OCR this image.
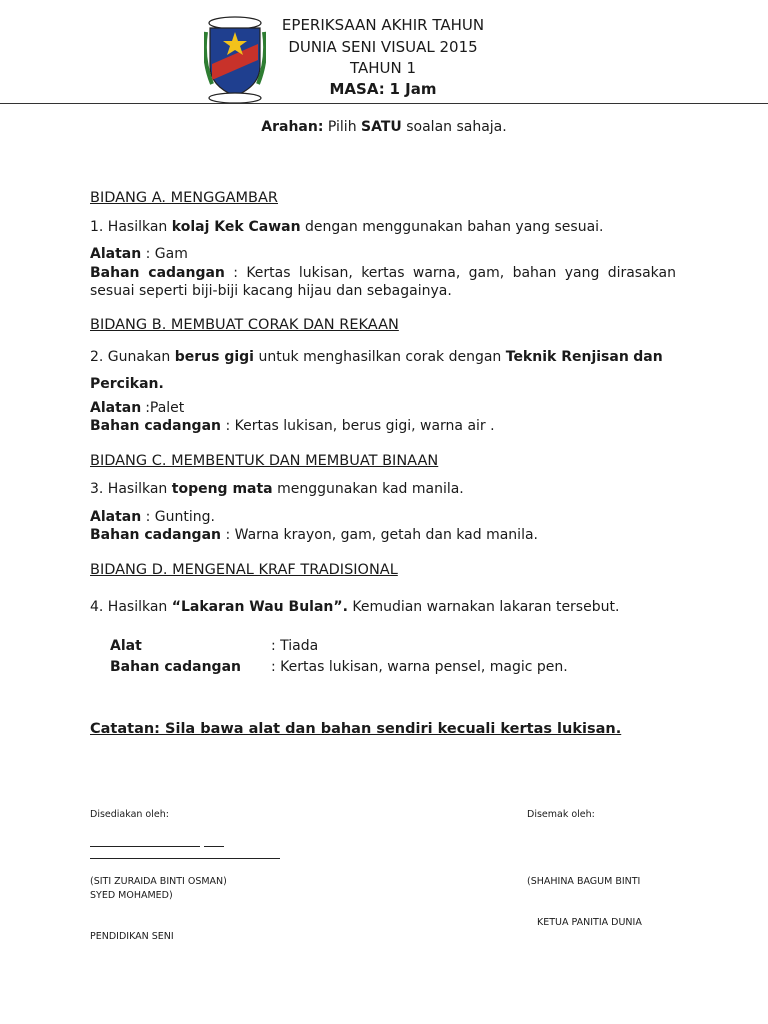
EPERIKSAAN AKHIR TAHUN
DUNIA SENI VISUAL 2015
TAHUN 1
MASA: 1 Jam
Arahan: Pilih SATU soalan sahaja.
BIDANG A. MENGGAMBAR
1. Hasilkan kolaj Kek Cawan dengan menggunakan bahan yang sesuai.
Alatan : Gam
Bahan cadangan : Kertas lukisan, kertas warna, gam, bahan yang dirasakan sesuai seperti biji-biji kacang hijau dan sebagainya.
BIDANG B. MEMBUAT CORAK DAN REKAAN
2. Gunakan berus gigi untuk menghasilkan corak dengan Teknik Renjisan dan Percikan.
Alatan :Palet
Bahan cadangan : Kertas lukisan, berus gigi, warna air .
BIDANG C. MEMBENTUK DAN MEMBUAT BINAAN
3. Hasilkan topeng mata menggunakan kad manila.
Alatan : Gunting.
Bahan cadangan : Warna krayon, gam, getah dan kad manila.
BIDANG D. MENGENAL KRAF TRADISIONAL
4. Hasilkan “Lakaran Wau Bulan”. Kemudian warnakan lakaran tersebut.
Alat	: Tiada
Bahan cadangan : Kertas lukisan, warna pensel, magic pen.
Catatan: Sila bawa alat dan bahan sendiri kecuali kertas lukisan.
Disediakan oleh:	Disemak oleh:
(SITI ZURAIDA BINTI OSMAN)
SYED MOHAMED)
(SHAHINA BAGUM BINTI
KETUA PANITIA DUNIA
PENDIDIKAN SENI
